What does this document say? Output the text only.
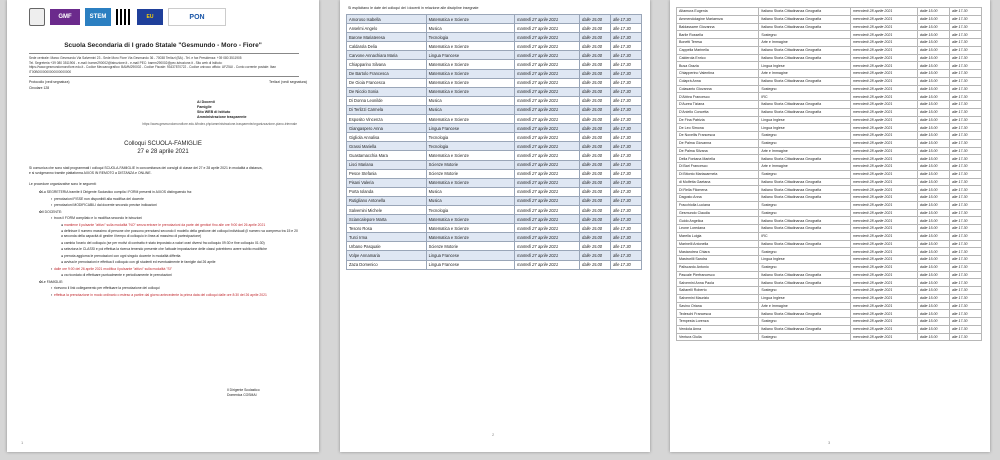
GMF	STEM	EU	PON
Scuola Secondaria di I grado Statale "Gesmundo - Moro - Fiore"
Sede centrale: Marco Gesmundo Via Salvemini 23 - Sede Moro Fiore Via Gesmundo 36 - 70038 Terlizzi (BA) - Tel. e fax Presidenza: +39 080 3511905
Tel. Segreteria +39 080 3511906 - e-mail: bamm290002@istruzione.it - e-mail PEC: bamm290002@pec.istruzione.it - Sito web di Istituto:
https://www.gesmundomorofiore.edu.it - Codice Meccanografico: BAMM290002 - Codice Fiscale: 93437870722 - Codice univoco ufficio: UFZ5UI - Conto corrente postale: Iban IT00B0000000000000000000
Protocollo (vedi segnatura)
Circolare 128
Terlizzi (vedi segnatura)
Ai Docenti
Famiglie
Sito WEB di Istituto
Amministrazione trasparente
https://www.gesmundomorofiore.edu.it/index.php/amministrazione-trasparente/organizzazione-piano-triennale
Colloqui SCUOLA-FAMIGLIE
27 e 28 aprile 2021
Si comunica che sono stati programmati i colloqui SCUOLA-FAMIGLIE in concomitanza dei consigli di classe del 27 e 28 aprile 2021 in modalità a distanza,
e si svolgeranno tramite piattaforma AXIOS IN REMOTO a DISTANZA e ONLINE.
Le procedure organizzative sono le seguenti:
✿La SEGRETERIA tramite il Dirigente Scolastico compila i FORM presenti in AXIOS distinguendo fra:
▪ prenotazioni FISSE non disponibili alla modifica del docente
▪ prenotazioni MODIFICABILI dal docente secondo precise indicazioni
✿Il DOCENTE:
▪ trova il FORM compilato e lo modifica secondo le istruzioni
●mantiene il pulsante "attivo" sulla modalità "NO" senza entrare le prenotazioni da parte dei genitori fino alle ore 9:00 del 26 aprile 2021
●definisce il numero massimo di persone che possono prenotarsi secondo il modello della gestione dei colloqui individuali (il numero va compreso tra 15 e 20 a seconda della capacità di gestire il tempo di colloquio in linea al massimo di partecipazione)
●cambia l'orario del colloquio (se per motivi di contratto è stato impostato a valori orari diversi fra colloquio 09:30 e fine colloquio 01:30)
●seleziona le CLASSI e poi effettua la ricerca tenendo presente che l'attuale impostazione delle classi potrebbero avere subito modifiche
●prenota aggiorna le prenotazioni con ogni singolo docente in modalità differita
●avvisa le prenotazioni e effettua il colloquio con gli studenti ed eventualmente le famiglie dal 26 aprile
▪ dalle ore 9:00 del 26 aprile 2021 modifica il pulsante "attivo" sulla modalità "SI"
●va ricordato di effettuare puntualmente e periodicamente le prenotazioni
✿Le FAMIGLIE:
▪ ricevono il link collegamento per effettuare la prenotazione dei colloqui
▪ effettua la prenotazione in modo ordinario o esteso a partire dal giorno antecedente la prima data del colloqui dalle ore 8:30 del 26 aprile 2021
Il Dirigente Scolastico
Domenica COSMAI
1
Si esplicitano le date dei colloqui dei i docenti in relazione alle discipline insegnate
Amoroso Isabella	Matematica e Scienze	martedì 27 aprile 2021	dalle 15.00	alle 17.30
Anselmi Angelo	Musica	martedì 27 aprile 2021	dalle 15.00	alle 17.30
Barone Mariateresa	Tecnologia	martedì 27 aprile 2021	dalle 15.00	alle 17.30
Caldarola Delia	Matematica e Scienze	martedì 27 aprile 2021	dalle 15.00	alle 17.30
Carvone Annachiara Maria	Lingua Francese	martedì 27 aprile 2021	dalle 15.00	alle 17.30
Chiapparino Silvana	Matematica e Scienze	martedì 27 aprile 2021	dalle 15.00	alle 17.30
De Bartolo Francesca	Matematica e Scienze	martedì 27 aprile 2021	dalle 15.00	alle 17.30
De Gioia Francesca	Matematica e Scienze	martedì 27 aprile 2021	dalle 15.00	alle 17.30
De Nicolo Sonia	Matematica e Scienze	martedì 27 aprile 2021	dalle 15.00	alle 17.30
Di Donna Leonilde	Musica	martedì 27 aprile 2021	dalle 15.00	alle 17.30
Di Terlizzi Carmela	Musica	martedì 27 aprile 2021	dalle 15.00	alle 17.30
Esposito Vincenza	Matematica e Scienze	martedì 27 aprile 2021	dalle 15.00	alle 17.30
Giangaspero Anna	Lingua Francese	martedì 27 aprile 2021	dalle 15.00	alle 17.30
Gigliola Annalisa	Tecnologia	martedì 27 aprile 2021	dalle 15.00	alle 17.30
Grassi Mariella	Tecnologia	martedì 27 aprile 2021	dalle 15.00	alle 17.30
Guastamacchia Mara	Matematica e Scienze	martedì 27 aprile 2021	dalle 15.00	alle 17.30
Lisci Mariana	Scienze Motorie	martedì 27 aprile 2021	dalle 15.00	alle 17.30
Pesce Stefania	Scienze Motorie	martedì 27 aprile 2021	dalle 15.00	alle 17.30
Pisani Valeria	Matematica e Scienze	martedì 27 aprile 2021	dalle 15.00	alle 17.30
Porta Iolanda	Musica	martedì 27 aprile 2021	dalle 15.00	alle 17.30
Rutigliano Antonella	Musica	martedì 27 aprile 2021	dalle 15.00	alle 17.30
Salvemini Michele	Tecnologia	martedì 27 aprile 2021	dalle 15.00	alle 17.30
Sciancalepore Marta	Matematica e Scienze	martedì 27 aprile 2021	dalle 15.00	alle 17.30
Tesoro Rosa	Matematica e Scienze	martedì 27 aprile 2021	dalle 15.00	alle 17.30
Turci Irma	Matematica e Scienze	martedì 27 aprile 2021	dalle 15.00	alle 17.30
Urbano Pasquale	Scienze Motorie	martedì 27 aprile 2021	dalle 15.00	alle 17.30
Volpe Annamaria	Lingua Francese	martedì 27 aprile 2021	dalle 15.00	alle 17.30
Zaza Domenico	Lingua Francese	martedì 27 aprile 2021	dalle 15.00	alle 17.30
2
Altamura Eugenia	Italiano Storia Cittadinanza Geografia	mercoledì 28 aprile 2021	dalle 15.00	alle 17.30
Ammendolagine Mariaenza	Italiano Storia Cittadinanza Geografia	mercoledì 28 aprile 2021	dalle 15.00	alle 17.30
Baldassarre Giovanna	Italiano Storia Cittadinanza Geografia	mercoledì 28 aprile 2021	dalle 15.00	alle 17.30
Barile Rossella	Sostegno	mercoledì 28 aprile 2021	dalle 15.00	alle 17.30
Bonetti Teresa	Arte e Immagine	mercoledì 28 aprile 2021	dalle 15.00	alle 17.30
Cappella Marinella	Italiano Storia Cittadinanza Geografia	mercoledì 28 aprile 2021	dalle 15.00	alle 17.30
Calderola Enrico	Italiano Storia Cittadinanza Geografia	mercoledì 28 aprile 2021	dalle 15.00	alle 17.30
Busa Grazia	Lingua Inglese	mercoledì 28 aprile 2021	dalle 15.00	alle 17.30
Chiapperino Valentina	Arte e Immagine	mercoledì 28 aprile 2021	dalle 15.00	alle 17.30
Colaprà Anna	Italiano Storia Cittadinanza Geografia	mercoledì 28 aprile 2021	dalle 15.00	alle 17.30
Colasanto Giovanna	Sostegno	mercoledì 28 aprile 2021	dalle 15.00	alle 17.30
D'Abbra Francesco	IRC	mercoledì 28 aprile 2021	dalle 15.00	alle 17.30
D'Aurea Tiziana	Italiano Storia Cittadinanza Geografia	mercoledì 28 aprile 2021	dalle 15.00	alle 17.30
D'Aniello Concetta	Italiano Storia Cittadinanza Geografia	mercoledì 28 aprile 2021	dalle 15.00	alle 17.30
De Fina Patrizia	Lingua Inglese	mercoledì 28 aprile 2021	dalle 15.00	alle 17.30
De Leo Simona	Lingua Inglese	mercoledì 28 aprile 2021	dalle 15.00	alle 17.30
De Novellis Francesca	Sostegno	mercoledì 28 aprile 2021	dalle 15.00	alle 17.30
De Palma Giovanna	Sostegno	mercoledì 28 aprile 2021	dalle 15.00	alle 17.30
De Palma Silvana	Arte e Immagine	mercoledì 28 aprile 2021	dalle 15.00	alle 17.30
Della Fontana Mariella	Italiano Storia Cittadinanza Geografia	mercoledì 28 aprile 2021	dalle 15.00	alle 17.30
Di Bari Francesco	Arte e Immagine	mercoledì 28 aprile 2021	dalle 15.00	alle 17.30
Di Bitonto Mariacarmela	Sostegno	mercoledì 28 aprile 2021	dalle 15.00	alle 17.30
di Molfetta Gaetana	Italiano Storia Cittadinanza Geografia	mercoledì 28 aprile 2021	dalle 15.00	alle 17.30
Di Rella Filomena	Italiano Storia Cittadinanza Geografia	mercoledì 28 aprile 2021	dalle 15.00	alle 17.30
Dagosto Anna	Italiano Storia Cittadinanza Geografia	mercoledì 28 aprile 2021	dalle 15.00	alle 17.30
Fracchiolla Luciana	Sostegno	mercoledì 28 aprile 2021	dalle 15.00	alle 17.30
Gesmundo Claudia	Sostegno	mercoledì 28 aprile 2021	dalle 15.00	alle 17.30
Guido Angelica	Italiano Storia Cittadinanza Geografia	mercoledì 28 aprile 2021	dalle 15.00	alle 17.30
Leone Loredana	Italiano Storia Cittadinanza Geografia	mercoledì 28 aprile 2021	dalle 15.00	alle 17.30
Marella Luigia	IRC	mercoledì 28 aprile 2021	dalle 15.00	alle 17.30
Marinelli Antonella	Italiano Storia Cittadinanza Geografia	mercoledì 28 aprile 2021	dalle 15.00	alle 17.30
Mastandrea Chiara	Sostegno	mercoledì 28 aprile 2021	dalle 15.00	alle 17.30
Mastrorilli Sandra	Lingua Inglese	mercoledì 28 aprile 2021	dalle 15.00	alle 17.30
Paliscardo Antonio	Sostegno	mercoledì 28 aprile 2021	dalle 15.00	alle 17.30
Pascale Pierfrancesco	Italiano Storia Cittadinanza Geografia	mercoledì 28 aprile 2021	dalle 15.00	alle 17.30
Salvemini Anna Paola	Italiano Storia Cittadinanza Geografia	mercoledì 28 aprile 2021	dalle 15.00	alle 17.30
Saltarelli Roberto	Sostegno	mercoledì 28 aprile 2021	dalle 15.00	alle 17.30
Salvemini Maurizio	Lingua Inglese	mercoledì 28 aprile 2021	dalle 15.00	alle 17.30
Savino Oriana	Arte e Immagine	mercoledì 28 aprile 2021	dalle 15.00	alle 17.30
Tedeschi Francesca	Italiano Storia Cittadinanza Geografia	mercoledì 28 aprile 2021	dalle 15.00	alle 17.30
Tempesta Lorenza	Sostegno	mercoledì 28 aprile 2021	dalle 15.00	alle 17.30
Vendola Anna	Italiano Storia Cittadinanza Geografia	mercoledì 28 aprile 2021	dalle 15.00	alle 17.30
Ventura Giulia	Sostegno	mercoledì 28 aprile 2021	dalle 15.00	alle 17.30
3
